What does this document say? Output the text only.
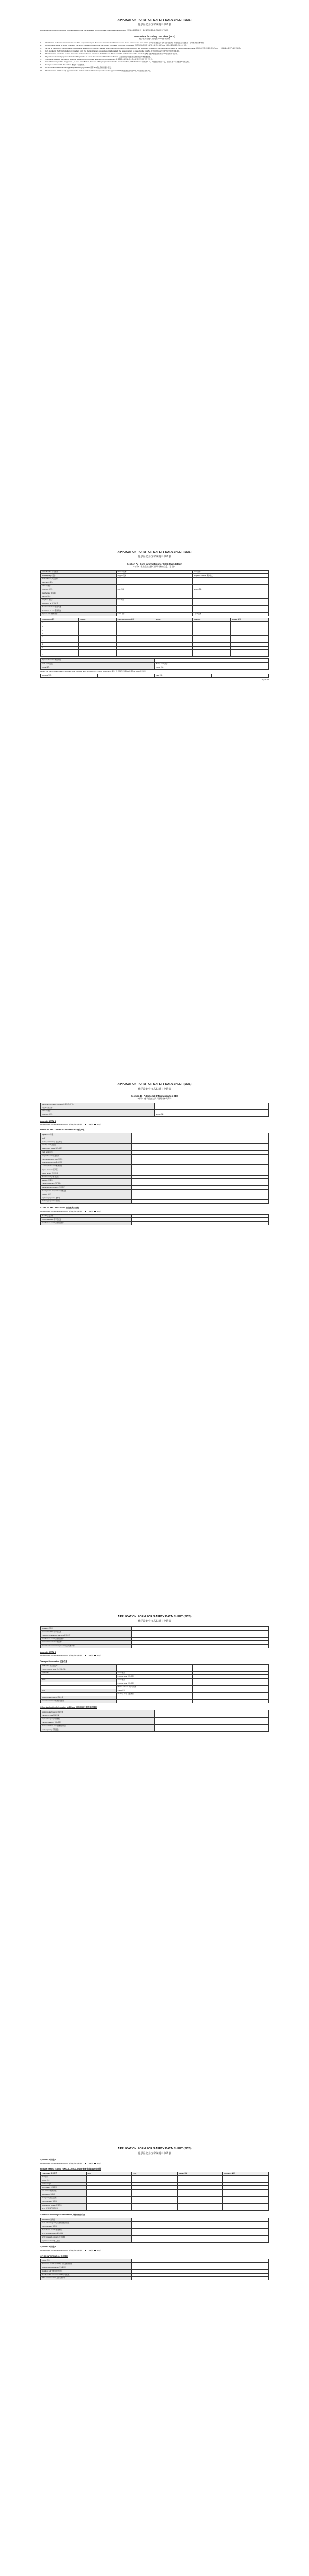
APPLICATION FORM FOR SAFETY DATA SHEET (SDS)
化学品安全技术说明书申请表
Please read the following instructions carefully before filling in the application form to facilitate the application assessment. 为保证申请顺利进行，请在填写申请表前仔细阅读以下说明。
Instructions for Safety Data Sheet (SDS)
化学品安全技术说明书(SDS)填表须知
1.	Identification of chemical classification is out of the scope of this report. To request chemical classification service, please contact us for more details. 化学品分类鉴定不在本报告范围内，如需化学品分类服务，请联系我们了解详情。
2.	All information should be written in English. For SDS in Chinese, please provide the relevant information in Chinese if necessary. 所有信息均需以英文填写。如需中文版SDS，请在必要时提供相关中文信息。
3.	Version & translations: The information provided shall appear on the final SDS. Please kindly note that information on the application and product are CORRECT. Our assessment is based on the submitted information. 提供的信息将出现在最终的SDS上，请确保申请及产品信息正确。
4.	CAS Number is the first-priority item in ingredient list. If the chemical name is reclassified or trademarked, the assessment will be based on the CAS No. 化学品的CAS号为成分信息中的首要项目。
5.	The information provided in Section B would be used as reference material for the SDS report. The reason that available data will be provided. 第B部分提供的信息将作为SDS报告的参考资料。
6.	Physical and chemical properties data should be provided to ensure the accuracy of hazard classification. 应提供理化特性数据以确保危险分类的准确性。
7.	The regular service is five working days after receiving of the complete application form and payment. 常规服务时间为收到完整申请表及付款后五个工作日。
8.	If the information provided in Appendix 1, 2 and 3 is insufficient, the report will be prepared based on the information from public databases. 如附录1、2、3中提供的信息不足，报告将基于公共数据库信息编制。
9.	Testing is not included in this service. 本服务不包括测试。
10.	All SDS shall be issued as the original signed directly by default. 所有SDS默认直接以原件签发。
11.	The information in SDS is only applicable to the products with the information provided by the applicant. SDS中的信息仅适用于申请人所提供信息的产品。
APPLICATION FORM FOR SAFETY DATA SHEET (SDS)
化学品安全技术说明书申请表
Section A - Core Information for SDS (Mandatory)
A部分 - 化学品安全技术说明书核心信息（必填）
Article Number 产品编号:	Version 版本:	Date 日期:
SDS Language 语言:	English 英文	Simplified Chinese 简体中文
Product Name 产品名称:		
Applicant 申请人:		
Address 地址:		
Telephone 电话:	Fax 传真:	E-mail 邮箱:
Manufacturer 制造商:		
Address 地址:		
Telephone 电话:	Fax 传真:	
Emergency Tel 应急电话:		
Recommended use 推荐用途:		
Restrictions on use 限制用途:		
Physical state 物理状态:	Solid 固体	Liquid 液体
Composition 成分	CAS No.	Concentration (%) 浓度	EC No.	Index No.	Remark 备注
A					
B					
C					
D					
E					
F					
G					
H					
I					
J					
Physical Properties 理化特性:	
Flash point 闪点:	Boiling point 沸点:
Colour 颜色:	Odour 气味:
Remark: The chemical classification is according to the Regulation (EC) 1272/2008 (CLP) and GB 30000 series. 备注：化学品分类依据CLP法规及GB 30000系列标准。
Signature 签名:		Date 日期:	
Page 1 of 4
APPLICATION FORM FOR SAFETY DATA SHEET (SDS)
化学品安全技术说明书申请表
Section B - Additional Information for SDS
B部分 - 化学品安全技术说明书补充资料
Additional information (Optional) 补充信息(可选):	
Supplier 供应商:	
Address 地址:	
Telephone 电话:	E-mail 邮箱:
Appendix 1 附录 1
Please provide any available information: 请提供任何可用信息：	Yes 是	No 否
PHYSICAL AND CHEMICAL PROPERTIES 理化特性
Appearance 外观		
pH 值		
Melting point / range 熔点/熔程		
Freezing point 凝固点		
Boiling point / range 沸点/沸程		
Flash point 闪点		
Evaporation rate 蒸发速率		
Flammability (solid, gas) 易燃性		
Upper explosive limit 爆炸上限		
Lower explosive limit 爆炸下限		
Vapour pressure 蒸气压		
Vapour density 蒸气密度		
Relative density 相对密度		
Solubility 溶解性		
Partition coefficient 分配系数		
Auto-ignition temperature 自燃温度		
Decomposition temperature 分解温度		
Viscosity 粘度		
Explosive properties 爆炸性		
Oxidising properties 氧化性		
STABILITY AND REACTIVITY 稳定性和反应性
Please provide any available information: 请提供任何可用信息：	Yes 是	No 否
Reactivity 反应性	
Chemical stability 化学稳定性	
Conditions to avoid 应避免的条件	
APPLICATION FORM FOR SAFETY DATA SHEET (SDS)
化学品安全技术说明书申请表
Reactivity 反应性	
Chemical stability 化学稳定性	
Possibility of hazardous reactions 危险反应	
Conditions to avoid 应避免的条件	
Incompatible materials 禁配物	
Hazardous decomposition products 危险分解产物	
Appendix 2 附录 2
Please provide any available information: 请提供任何可用信息：	Yes 是	No 否
Transport Information 运输信息
UN Number 联合国编号		
Proper shipping name 正式运输名称		
ADR / RID	Class 类别	
	Packing group 包装类别	
IMDG	Class 类别	
	Packing group 包装类别	
	Marine pollutant 海洋污染物	
IATA	Class 类别	
	Packing group 包装类别	
Environmental hazards 环境危害		
Special precautions 特殊防范措施		
Other Application Information (ADR and IMO/IMDG) 其他应用信息
Environmental hazards 环境危害	
Transport in bulk 散装运输	
Segregation groups 隔离组	
Transport category 运输类别	
Tunnel restriction code 隧道限制代码	
Limited quantity 有限数量	
APPLICATION FORM FOR SAFETY DATA SHEET (SDS)
化学品安全技术说明书申请表
Appendix 3 附录 3
Please provide any available information: 请提供任何可用信息：	Yes 是	No 否
HEALTH EFFECTS AND TOXICOLOGICAL DATA 健康影响和毒理学数据
Type of data 数据类型	LD50	LC50	Species 种属	Reference 来源
Oral 经口				
Dermal 经皮				
Inhalation 吸入				
Skin irritation 皮肤刺激				
Eye irritation 眼睛刺激				
Sensitisation 致敏性				
Mutagenicity 致突变性				
Carcinogenicity 致癌性				
Reproductive toxicity 生殖毒性				
STOT 特异性靶器官毒性				
Additional toxicological information 其他毒理学信息
Sensitisation 致敏性	
Germ cell mutagenicity 生殖细胞致突变性	
Carcinogenicity 致癌性	
Reproductive toxicity 生殖毒性	
STOT-single exposure 单次接触	
STOT-repeated exposure 反复接触	
Aspiration hazard 吸入危害	
Appendix 4 附录 4
Please provide any available information: 请提供任何可用信息：	Yes 是	No 否
OTHER INFORMATION 其他信息
Toxicity 毒性	
Persistence and degradability 持久性和降解性	
Bioaccumulative potential 生物累积性	
Mobility in soil 土壤中的迁移性	
Results of PBT assessment PBT评估结果	
Other adverse effects 其他有害作用	
